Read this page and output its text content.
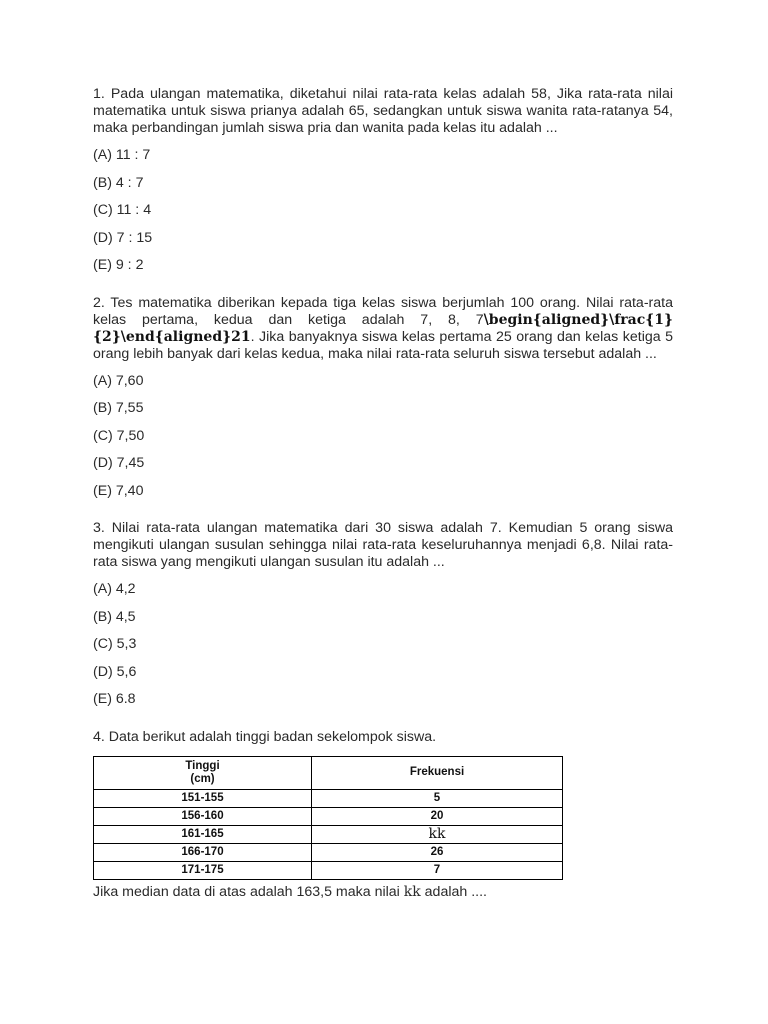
1. Pada ulangan matematika, diketahui nilai rata-rata kelas adalah 58, Jika rata-rata nilai matematika untuk siswa prianya adalah 65, sedangkan untuk siswa wanita rata-ratanya 54, maka perbandingan jumlah siswa pria dan wanita pada kelas itu adalah ...

(A) 11 : 7

(B) 4 : 7

(C) 11 : 4

(D) 7 : 15

(E) 9 : 2

2. Tes matematika diberikan kepada tiga kelas siswa berjumlah 100 orang. Nilai rata-rata kelas pertama, kedua dan ketiga adalah 7, 8, 7\begin{aligned}\frac{1}{2}\end{aligned}21. Jika banyaknya siswa kelas pertama 25 orang dan kelas ketiga 5 orang lebih banyak dari kelas kedua, maka nilai rata-rata seluruh siswa tersebut adalah ...

(A) 7,60

(B) 7,55

(C) 7,50

(D) 7,45

(E) 7,40

3. Nilai rata-rata ulangan matematika dari 30 siswa adalah 7. Kemudian 5 orang siswa mengikuti ulangan susulan sehingga nilai rata-rata keseluruhannya menjadi 6,8. Nilai rata-rata siswa yang mengikuti ulangan susulan itu adalah ...

(A) 4,2

(B) 4,5

(C) 5,3

(D) 5,6

(E) 6.8

4. Data berikut adalah tinggi badan sekelompok siswa.

Tinggi
(cm)	Frekuensi
151-155	5
156-160	20
161-165	kk
166-170	26
171-175	7

Jika median data di atas adalah 163,5 maka nilai kk adalah ....
